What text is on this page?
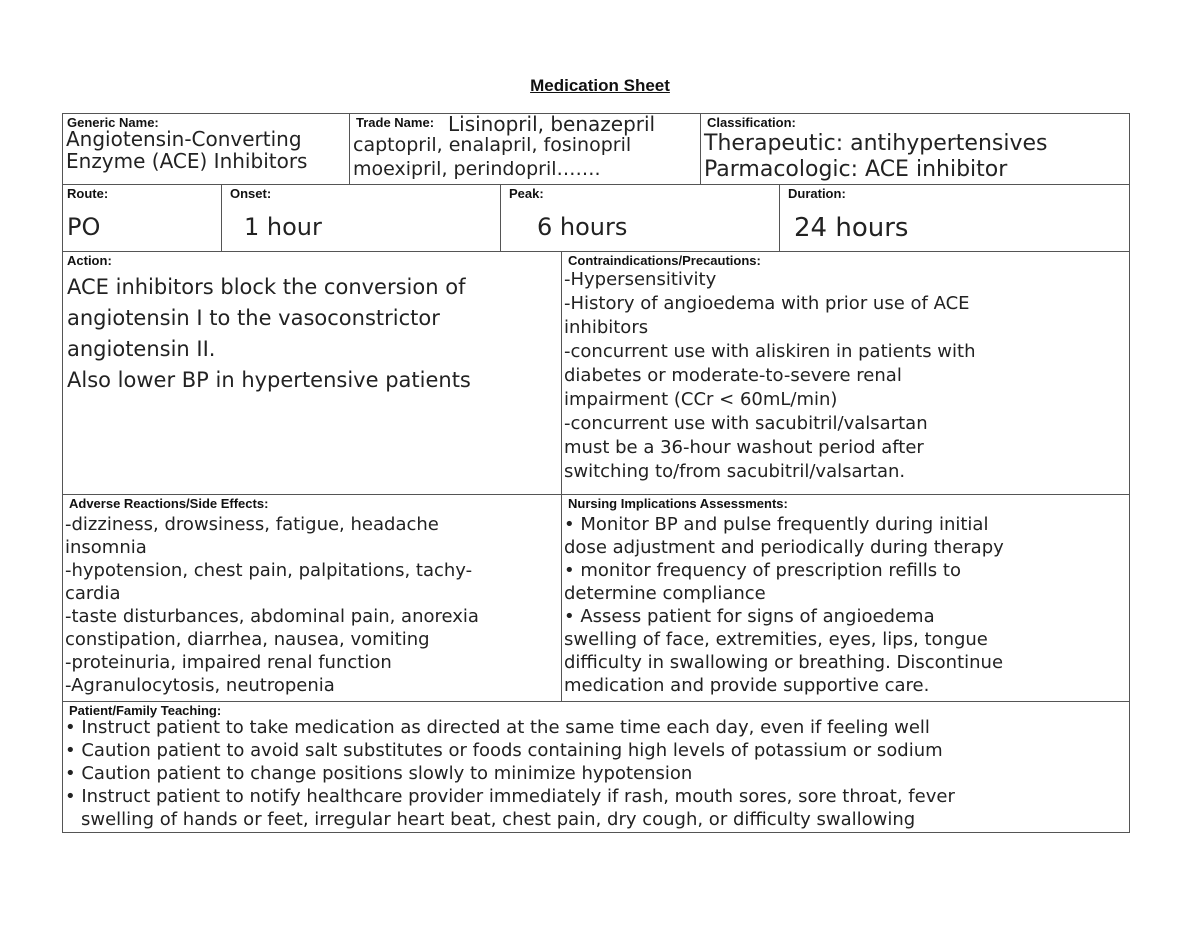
Medication Sheet
Generic Name:
Angiotensin-Converting
Enzyme (ACE) Inhibitors
Trade Name: Lisinopril, benazepril
captopril, enalapril, fosinopril
moexipril, perindopril…….
Classification:
Therapeutic: antihypertensives
Parmacologic: ACE inhibitor
Route:
PO
Onset:
1 hour
Peak:
6 hours
Duration:
24 hours
Action:
ACE inhibitors block the conversion of
angiotensin I to the vasoconstrictor
angiotensin II.
Also lower BP in hypertensive patients
Contraindications/Precautions:
-Hypersensitivity
-History of angioedema with prior use of ACE
inhibitors
-concurrent use with aliskiren in patients with
diabetes or moderate-to-severe renal
impairment (CCr < 60mL/min)
-concurrent use with sacubitril/valsartan
must be a 36-hour washout period after
switching to/from sacubitril/valsartan.
Adverse Reactions/Side Effects:
-dizziness, drowsiness, fatigue, headache
insomnia
-hypotension, chest pain, palpitations, tachy-
cardia
-taste disturbances, abdominal pain, anorexia
constipation, diarrhea, nausea, vomiting
-proteinuria, impaired renal function
-Agranulocytosis, neutropenia
Nursing Implications Assessments:
• Monitor BP and pulse frequently during initial
dose adjustment and periodically during therapy
• monitor frequency of prescription refills to
determine compliance
• Assess patient for signs of angioedema
swelling of face, extremities, eyes, lips, tongue
difficulty in swallowing or breathing. Discontinue
medication and provide supportive care.
Patient/Family Teaching:
• Instruct patient to take medication as directed at the same time each day, even if feeling well
• Caution patient to avoid salt substitutes or foods containing high levels of potassium or sodium
• Caution patient to change positions slowly to minimize hypotension
• Instruct patient to notify healthcare provider immediately if rash, mouth sores, sore throat, fever
swelling of hands or feet, irregular heart beat, chest pain, dry cough, or difficulty swallowing
